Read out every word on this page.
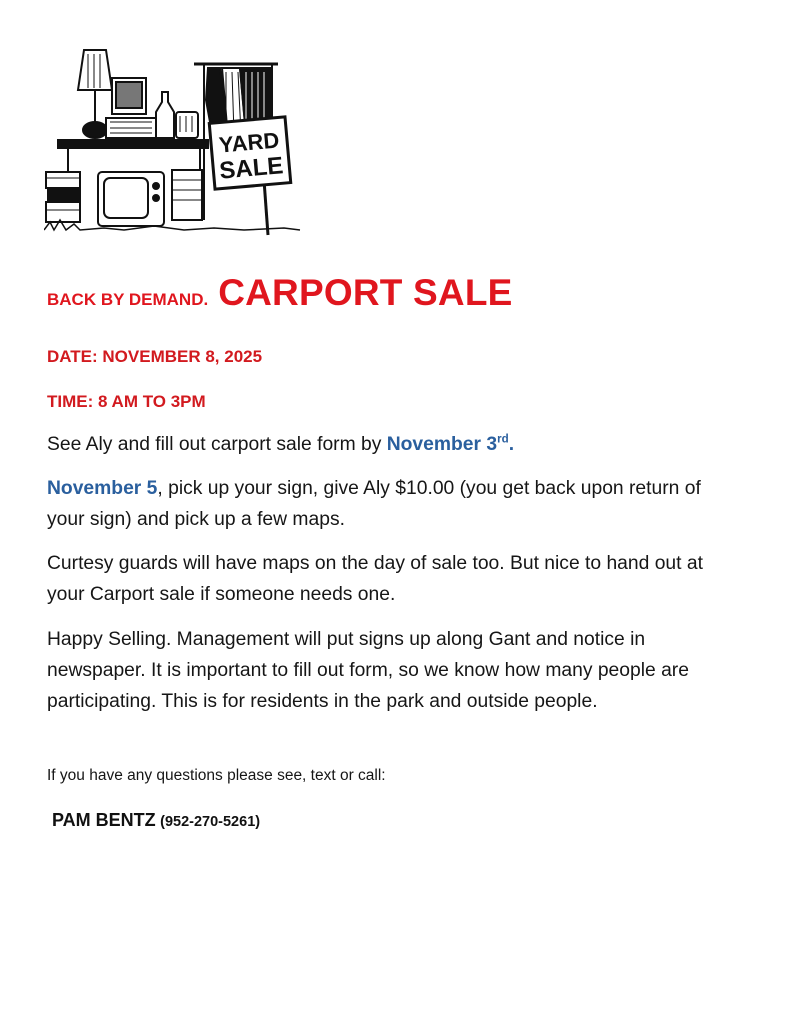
YARD
SALE
BACK BY DEMAND. CARPORT SALE
DATE: NOVEMBER 8, 2025
TIME: 8 AM TO 3PM
See Aly and fill out carport sale form by November 3rd.
November 5, pick up your sign, give Aly $10.00 (you get back upon return of your sign) and pick up a few maps.
Curtesy guards will have maps on the day of sale too. But nice to hand out at your Carport sale if someone needs one.
Happy Selling. Management will put signs up along Gant and notice in newspaper. It is important to fill out form, so we know how many people are participating. This is for residents in the park and outside people.
If you have any questions please see, text or call:
PAM BENTZ (952-270-5261)
